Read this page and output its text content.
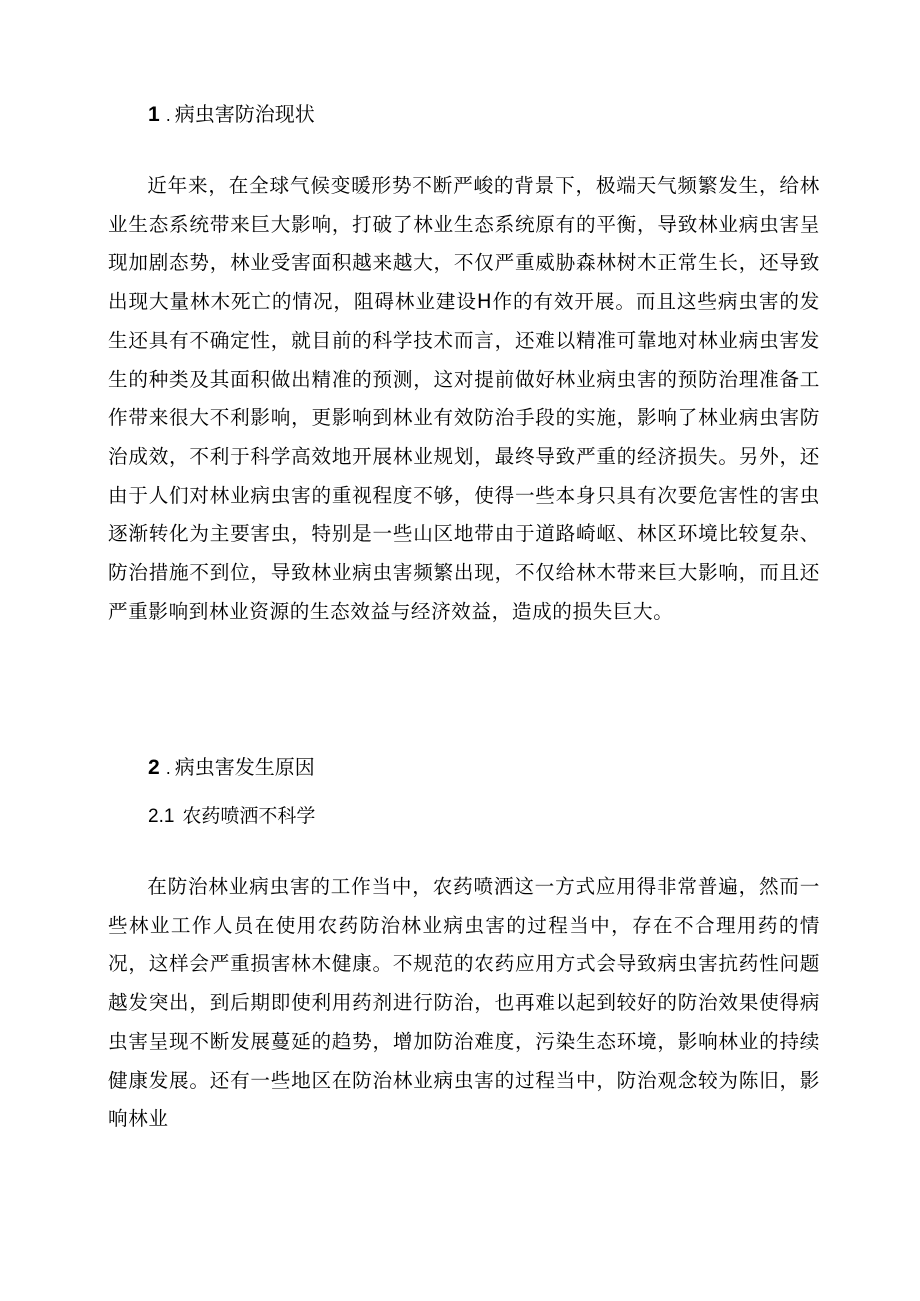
1 . 病虫害防治现状

近年来，在全球气候变暖形势不断严峻的背景下，极端天气频繁发生，给林业生态系统带来巨大影响，打破了林业生态系统原有的平衡，导致林业病虫害呈现加剧态势，林业受害面积越来越大，不仅严重威胁森林树木正常生长，还导致出现大量林木死亡的情况，阻碍林业建设H作的有效开展。而且这些病虫害的发生还具有不确定性，就目前的科学技术而言，还难以精准可靠地对林业病虫害发生的种类及其面积做出精准的预测，这对提前做好林业病虫害的预防治理准备工作带来很大不利影响，更影响到林业有效防治手段的实施，影响了林业病虫害防治成效，不利于科学高效地开展林业规划，最终导致严重的经济损失。另外，还由于人们对林业病虫害的重视程度不够，使得一些本身只具有次要危害性的害虫逐渐转化为主要害虫，特别是一些山区地带由于道路崎岖、林区环境比较复杂、防治措施不到位，导致林业病虫害频繁出现，不仅给林木带来巨大影响，而且还严重影响到林业资源的生态效益与经济效益，造成的损失巨大。

2 . 病虫害发生原因
2.1 农药喷洒不科学

在防治林业病虫害的工作当中，农药喷洒这一方式应用得非常普遍，然而一些林业工作人员在使用农药防治林业病虫害的过程当中，存在不合理用药的情况，这样会严重损害林木健康。不规范的农药应用方式会导致病虫害抗药性问题越发突出，到后期即使利用药剂进行防治，也再难以起到较好的防治效果使得病虫害呈现不断发展蔓延的趋势，增加防治难度，污染生态环境，影响林业的持续健康发展。还有一些地区在防治林业病虫害的过程当中，防治观念较为陈旧，影响林业
